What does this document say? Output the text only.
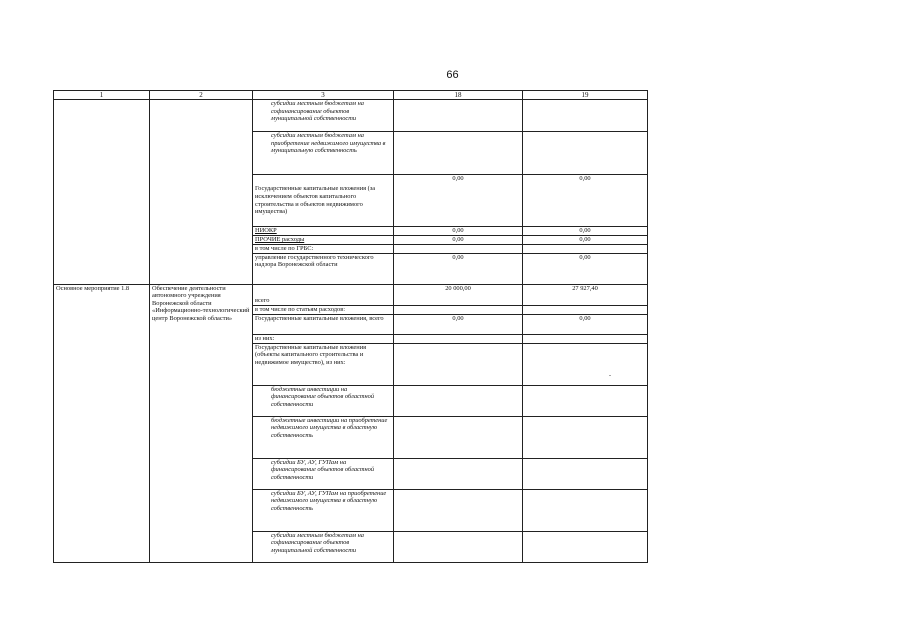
66
1	2	3	18	19

		субсидии местным бюджетам на софинансирование объектов муниципальной собственности		

		субсидии местным бюджетам на приобретение недвижимого имущества в муниципальную собственность		

		Государственные капитальные вложения (за исключением объектов капитального строительства и объектов недвижимого имущества)	0,00	0,00
		НИОКР	0,00	0,00
		ПРОЧИЕ расходы	0,00	0,00
		в том числе по ГРБС:		
		управление государственного технического надзора Воронежской области	0,00	0,00
Основное мероприятие 1.8	Обеспечение деятельности автономного учреждения Воронежской области «Информационно-технологический центр Воронежской области»	всего	20 000,00	27 927,40
		в том числе по статьям расходов:		
		Государственные капитальные вложения, всего	0,00	0,00
		из них:		
		Государственные капитальные вложения (объекты капитального строительства и недвижимое имущество), из них:		

		бюджетные инвестиции на финансирование объектов областной собственности		

		бюджетные инвестиции на приобретение недвижимого имущества в областную собственность		

		субсидии БУ, АУ, ГУПам на финансирование объектов областной собственности		

		субсидии БУ, АУ, ГУПам на приобретение недвижимого имущества в областную собственность		

		субсидии местным бюджетам на софинансирование объектов муниципальной собственности		

.
